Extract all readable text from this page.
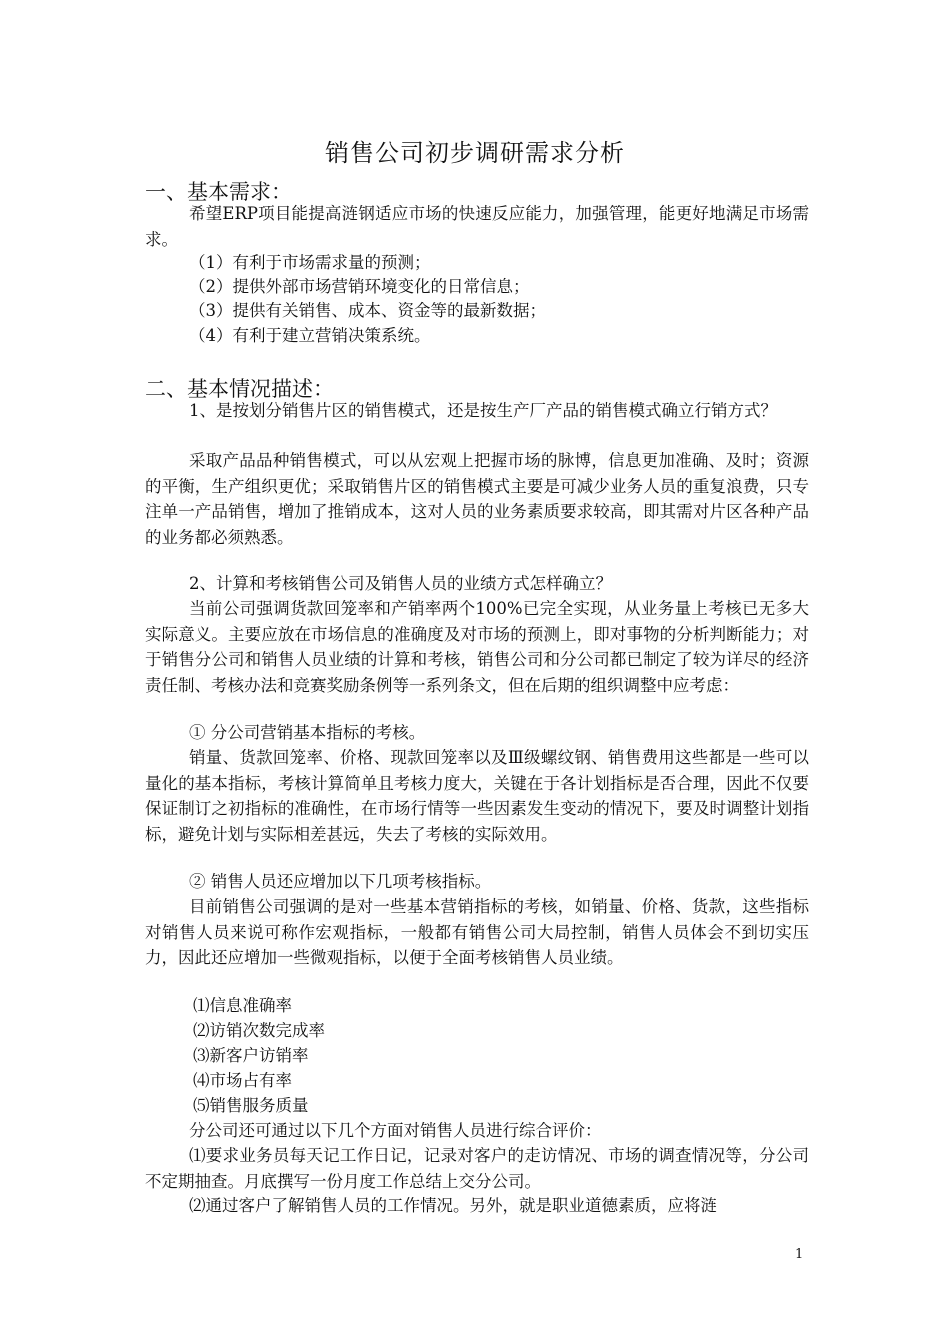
销售公司初步调研需求分析
一、基本需求：

希望ERP项目能提高涟钢适应市场的快速反应能力，加强管理，能更好地满足市场需求。

（1）有利于市场需求量的预测；
（2）提供外部市场营销环境变化的日常信息；
（3）提供有关销售、成本、资金等的最新数据；
（4）有利于建立营销决策系统。
二、基本情况描述：

1、是按划分销售片区的销售模式，还是按生产厂产品的销售模式确立行销方式？

采取产品品种销售模式，可以从宏观上把握市场的脉博，信息更加准确、及时；资源的平衡，生产组织更优；采取销售片区的销售模式主要是可减少业务人员的重复浪费，只专注单一产品销售，增加了推销成本，这对人员的业务素质要求较高，即其需对片区各种产品的业务都必须熟悉。

2、计算和考核销售公司及销售人员的业绩方式怎样确立？

当前公司强调货款回笼率和产销率两个100%已完全实现，从业务量上考核已无多大实际意义。主要应放在市场信息的准确度及对市场的预测上，即对事物的分析判断能力；对于销售分公司和销售人员业绩的计算和考核，销售公司和分公司都已制定了较为详尽的经济责任制、考核办法和竞赛奖励条例等一系列条文，但在后期的组织调整中应考虑：

① 分公司营销基本指标的考核。

销量、货款回笼率、价格、现款回笼率以及Ⅲ级螺纹钢、销售费用这些都是一些可以量化的基本指标，考核计算简单且考核力度大，关键在于各计划指标是否合理，因此不仅要保证制订之初指标的准确性，在市场行情等一些因素发生变动的情况下，要及时调整计划指标，避免计划与实际相差甚远，失去了考核的实际效用。

② 销售人员还应增加以下几项考核指标。

目前销售公司强调的是对一些基本营销指标的考核，如销量、价格、货款，这些指标对销售人员来说可称作宏观指标，一般都有销售公司大局控制，销售人员体会不到切实压力，因此还应增加一些微观指标，以便于全面考核销售人员业绩。

⑴信息准确率
⑵访销次数完成率
⑶新客户访销率
⑷市场占有率
⑸销售服务质量

分公司还可通过以下几个方面对销售人员进行综合评价：

⑴要求业务员每天记工作日记，记录对客户的走访情况、市场的调查情况等，分公司不定期抽查。月底撰写一份月度工作总结上交分公司。

⑵通过客户了解销售人员的工作情况。另外，就是职业道德素质，应将涟

1
